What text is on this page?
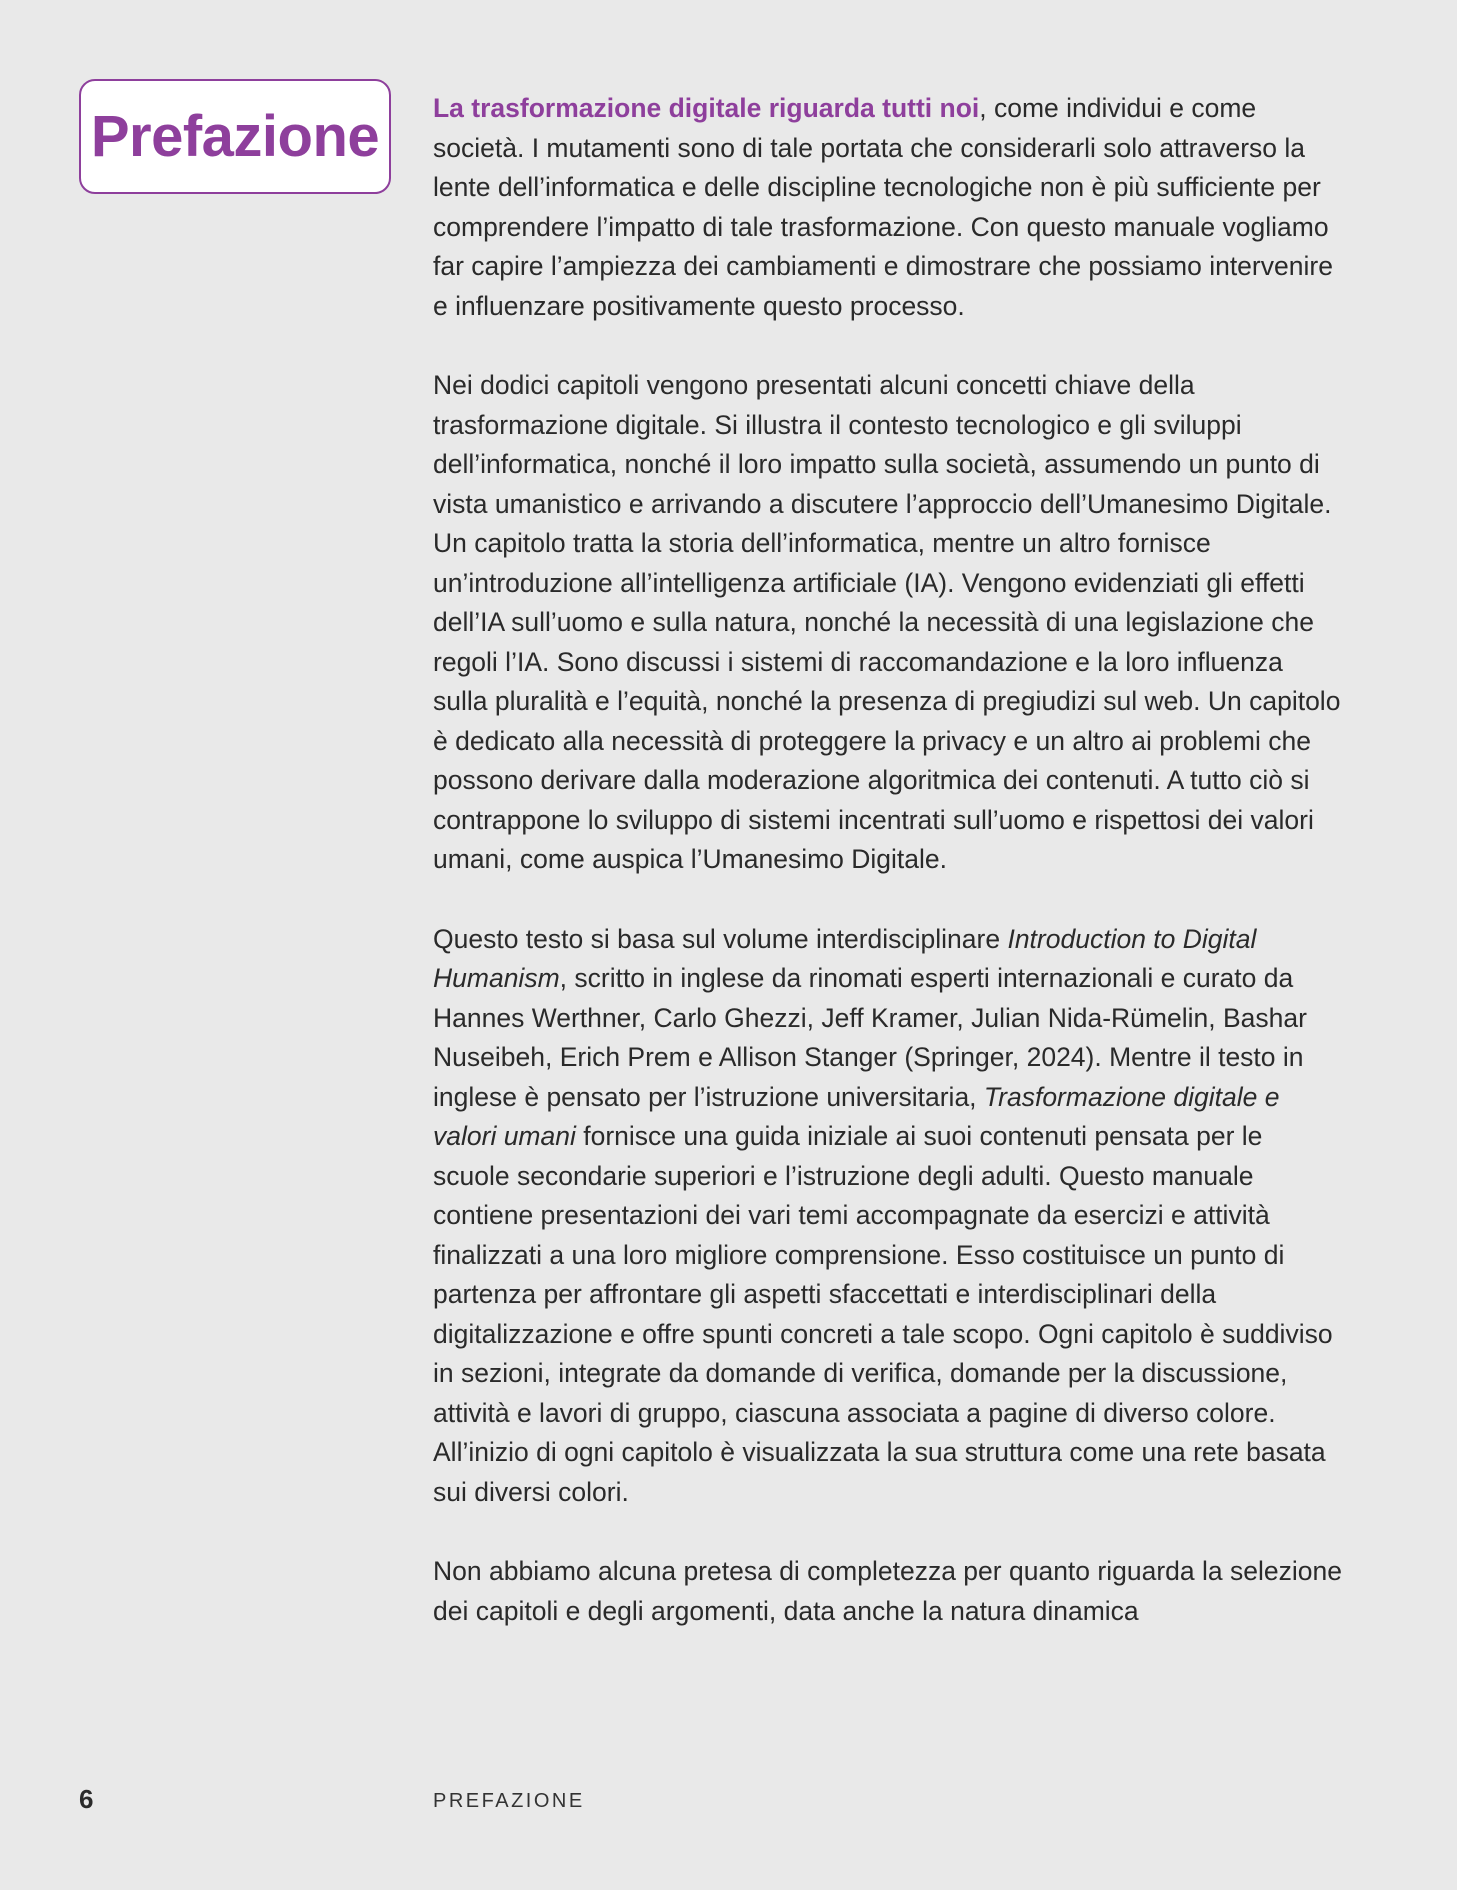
Prefazione La trasformazione digitale riguarda tutti noi, come individui e come società. I mutamenti sono di tale portata che considerarli solo attraverso la lente dell’informatica e delle discipline tecnologiche non è più sufficiente per comprendere l’impatto di tale trasformazione. Con questo manuale vogliamo far capire l’ampiezza dei cambiamenti e dimostrare che possiamo intervenire e influenzare positivamente questo processo.

Nei dodici capitoli vengono presentati alcuni concetti chiave della trasformazione digitale. Si illustra il contesto tecnologico e gli sviluppi dell’informatica, nonché il loro impatto sulla società, assumendo un punto di vista umanistico e arrivando a discutere l’approccio dell’Umanesimo Digitale. Un capitolo tratta la storia dell’informatica, mentre un altro fornisce un’introduzione all’intelligenza artificiale (IA). Vengono evidenziati gli effetti dell’IA sull’uomo e sulla natura, nonché la necessità di una legislazione che regoli l’IA. Sono discussi i sistemi di raccomandazione e la loro influenza sulla pluralità e l’equità, nonché la presenza di pregiudizi sul web. Un capitolo è dedicato alla necessità di proteggere la privacy e un altro ai problemi che possono derivare dalla moderazione algoritmica dei contenuti. A tutto ciò si contrappone lo sviluppo di sistemi incentrati sull’uomo e rispettosi dei valori umani, come auspica l’Umanesimo Digitale.

Questo testo si basa sul volume interdisciplinare Introduction to Digital Humanism, scritto in inglese da rinomati esperti internazionali e curato da Hannes Werthner, Carlo Ghezzi, Jeff Kramer, Julian Nida-Rümelin, Bashar Nuseibeh, Erich Prem e Allison Stanger (Springer, 2024). Mentre il testo in inglese è pensato per l’istruzione universitaria, Trasformazione digitale e valori umani fornisce una guida iniziale ai suoi contenuti pensata per le scuole secondarie superiori e l’istruzione degli adulti. Questo manuale contiene presentazioni dei vari temi accompagnate da esercizi e attività finalizzati a una loro migliore comprensione. Esso costituisce un punto di partenza per affrontare gli aspetti sfaccettati e interdisciplinari della digitalizzazione e offre spunti concreti a tale scopo. Ogni capitolo è suddiviso in sezioni, integrate da domande di verifica, domande per la discussione, attività e lavori di gruppo, ciascuna associata a pagine di diverso colore. All’inizio di ogni capitolo è visualizzata la sua struttura come una rete basata sui diversi colori.

Non abbiamo alcuna pretesa di completezza per quanto riguarda la selezione dei capitoli e degli argomenti, data anche la natura dinamica

6	PREFAZIONE
